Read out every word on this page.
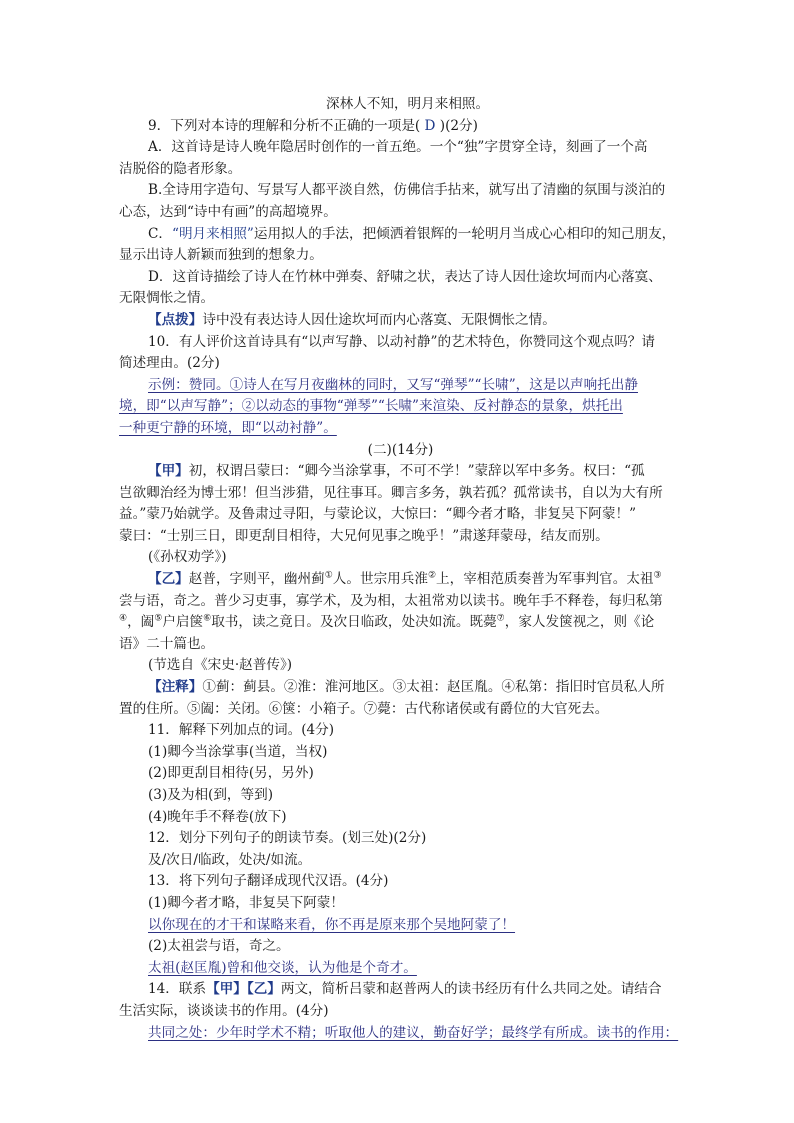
深林人不知，明月来相照。
9．下列对本诗的理解和分析不正确的一项是( D )(2分)
A．这首诗是诗人晚年隐居时创作的一首五绝。一个“独”字贯穿全诗，刻画了一个高
洁脱俗的隐者形象。
B.全诗用字造句、写景写人都平淡自然，仿佛信手拈来，就写出了清幽的氛围与淡泊的
心态，达到“诗中有画”的高超境界。
C．“明月来相照”运用拟人的手法，把倾洒着银辉的一轮明月当成心心相印的知己朋友，
显示出诗人新颖而独到的想象力。
D．这首诗描绘了诗人在竹林中弹奏、舒啸之状，表达了诗人因仕途坎坷而内心落寞、
无限惆怅之情。
【点拨】诗中没有表达诗人因仕途坎坷而内心落寞、无限惆怅之情。
10．有人评价这首诗具有“以声写静、以动衬静”的艺术特色，你赞同这个观点吗？请
简述理由。(2分)
示例：赞同。①诗人在写月夜幽林的同时，又写“弹琴”“长啸”，这是以声响托出静
境，即“以声写静”；②以动态的事物“弹琴”“长啸”来渲染、反衬静态的景象，烘托出
一种更宁静的环境，即“以动衬静”。
(二)(14分)
【甲】初，权谓吕蒙曰：“卿今当涂掌事，不可不学！”蒙辞以军中多务。权曰：“孤
岂欲卿治经为博士邪！但当涉猎，见往事耳。卿言多务，孰若孤？孤常读书，自以为大有所
益。”蒙乃始就学。及鲁肃过寻阳，与蒙论议，大惊曰：“卿今者才略，非复吴下阿蒙！”
蒙曰：“士别三日，即更刮目相待，大兄何见事之晚乎！”肃遂拜蒙母，结友而别。
(《孙权劝学》)
【乙】赵普，字则平，幽州蓟①人。世宗用兵淮②上，宰相范质奏普为军事判官。太祖③
尝与语，奇之。普少习吏事，寡学术，及为相，太祖常劝以读书。晚年手不释卷，每归私第
④，阖⑤户启箧⑥取书，读之竟日。及次日临政，处决如流。既薨⑦，家人发箧视之，则《论
语》二十篇也。
(节选自《宋史·赵普传》)
【注释】①蓟：蓟县。②淮：淮河地区。③太祖：赵匡胤。④私第：指旧时官员私人所
置的住所。⑤阖：关闭。⑥箧：小箱子。⑦薨：古代称诸侯或有爵位的大官死去。
11．解释下列加点的词。(4分)
(1)卿今当涂掌事(当道，当权)
(2)即更刮目相待(另，另外)
(3)及为相(到，等到)
(4)晚年手不释卷(放下)
12．划分下列句子的朗读节奏。(划三处)(2分)
及/次日/临政，处决/如流。
13．将下列句子翻译成现代汉语。(4分)
(1)卿今者才略，非复吴下阿蒙！
以你现在的才干和谋略来看，你不再是原来那个吴地阿蒙了！
(2)太祖尝与语，奇之。
太祖(赵匡胤)曾和他交谈，认为他是个奇才。
14．联系【甲】【乙】两文，简析吕蒙和赵普两人的读书经历有什么共同之处。请结合
生活实际，谈谈读书的作用。(4分)
共同之处：少年时学术不精；听取他人的建议，勤奋好学；最终学有所成。读书的作用：
